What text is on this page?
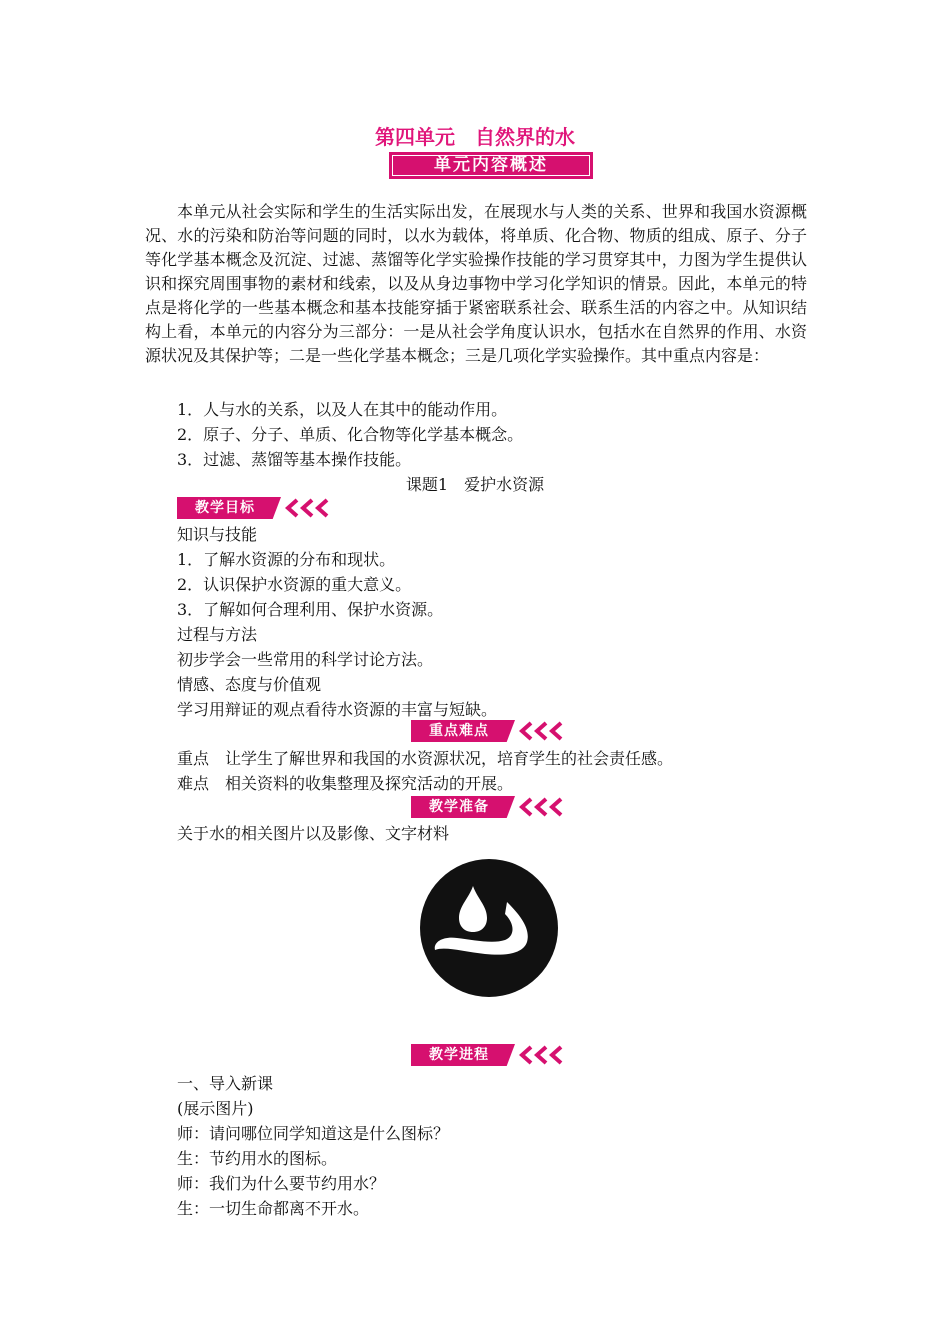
第四单元　自然界的水
单元内容概述
本单元从社会实际和学生的生活实际出发，在展现水与人类的关系、世界和我国水资源概况、水的污染和防治等问题的同时，以水为载体，将单质、化合物、物质的组成、原子、分子等化学基本概念及沉淀、过滤、蒸馏等化学实验操作技能的学习贯穿其中，力图为学生提供认识和探究周围事物的素材和线索，以及从身边事物中学习化学知识的情景。因此，本单元的特点是将化学的一些基本概念和基本技能穿插于紧密联系社会、联系生活的内容之中。从知识结构上看，本单元的内容分为三部分：一是从社会学角度认识水，包括水在自然界的作用、水资源状况及其保护等；二是一些化学基本概念；三是几项化学实验操作。其中重点内容是：
1．人与水的关系，以及人在其中的能动作用。
2．原子、分子、单质、化合物等化学基本概念。
3．过滤、蒸馏等基本操作技能。
课题1　爱护水资源
教学目标
知识与技能
1．了解水资源的分布和现状。
2．认识保护水资源的重大意义。
3．了解如何合理利用、保护水资源。
过程与方法
初步学会一些常用的科学讨论方法。
情感、态度与价值观
学习用辩证的观点看待水资源的丰富与短缺。
重点难点
重点　让学生了解世界和我国的水资源状况，培育学生的社会责任感。
难点　相关资料的收集整理及探究活动的开展。
教学准备
关于水的相关图片以及影像、文字材料
教学进程
一、导入新课
(展示图片)
师：请问哪位同学知道这是什么图标？
生：节约用水的图标。
师：我们为什么要节约用水？
生：一切生命都离不开水。
